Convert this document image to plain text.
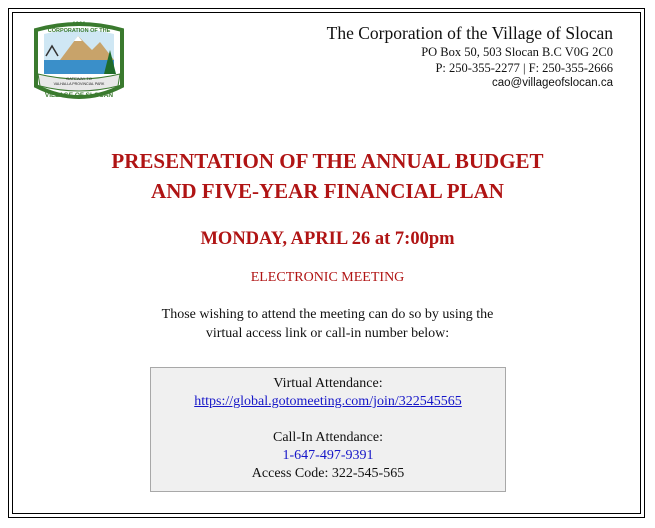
1901
CORPORATION OF THE
GATEWAY TO
VALHALLA PROVINCIAL PARK
VILLAGE OF SLOCAN
The Corporation of the Village of Slocan
PO Box 50, 503 Slocan B.C V0G 2C0
P: 250-355-2277 | F: 250-355-2666
cao@villageofslocan.ca
PRESENTATION OF THE ANNUAL BUDGET
AND FIVE-YEAR FINANCIAL PLAN
MONDAY, APRIL 26 at 7:00pm
ELECTRONIC MEETING
Those wishing to attend the meeting can do so by using the
virtual access link or call-in number below:
Virtual Attendance:
https://global.gotomeeting.com/join/322545565
Call-In Attendance:
1-647-497-9391
Access Code: 322-545-565
